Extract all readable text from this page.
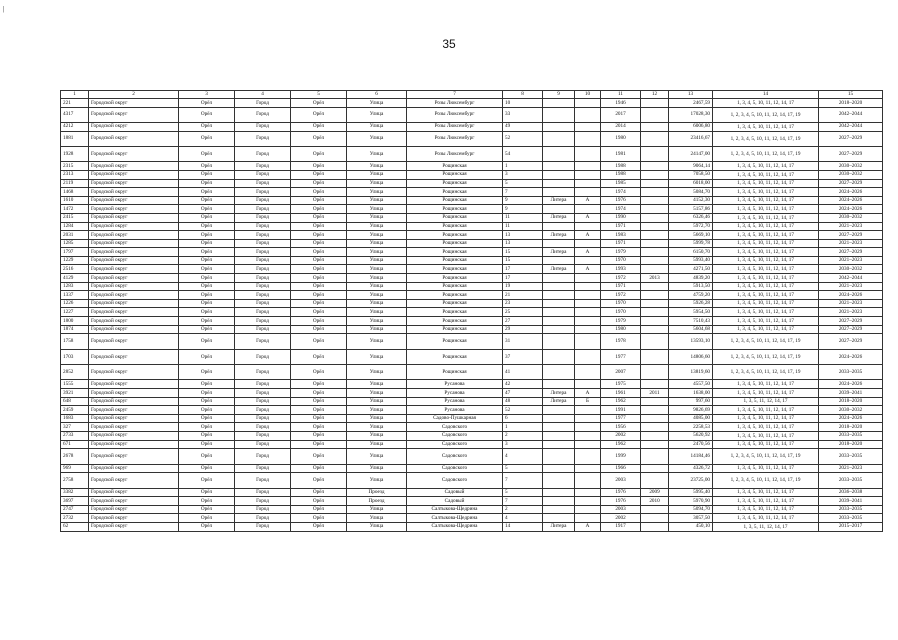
|
35
1	2	3	4	5	6	7	8	9	10	11	12	13	14	15
221	Городской округ	Орёл	Город	Орёл	Улица	Розы Люксембург	10			1946		2467,59	1, 3, 4, 5, 10, 11, 12, 14, 17	2018–2020
4317	Городской округ	Орёл	Город	Орёл	Улица	Розы Люксембург	33			2017		17028,30	1, 2, 3, 4, 5, 10, 11, 12, 14, 17, 19	2042–2044
4212	Городской округ	Орёл	Город	Орёл	Улица	Розы Люксембург	49			2014		6006,80	1, 3, 4, 5, 10, 11, 12, 14, 17	2042–2044
1881	Городской округ	Орёл	Город	Орёл	Улица	Розы Люксембург	52			1980		23416,67	1, 2, 3, 4, 5, 10, 11, 12, 14, 17, 19	2027–2029
1928	Городской округ	Орёл	Город	Орёл	Улица	Розы Люксембург	54			1981		24147,00	1, 2, 3, 4, 5, 10, 11, 12, 14, 17, 19	2027–2029
2315	Городской округ	Орёл	Город	Орёл	Улица	Рощинская	1			1988		9064,14	1, 3, 4, 5, 10, 11, 12, 14, 17	2030–2032
2313	Городской округ	Орёл	Город	Орёл	Улица	Рощинская	3			1988		7058,50	1, 3, 4, 5, 10, 11, 12, 14, 17	2030–2032
2119	Городской округ	Орёл	Город	Орёл	Улица	Рощинская	5			1985		6018,00	1, 3, 4, 5, 10, 11, 12, 14, 17	2027–2029
1468	Городской округ	Орёл	Город	Орёл	Улица	Рощинская	7			1974		5084,70	1, 3, 4, 5, 10, 11, 12, 14, 17	2024–2026
1610	Городской округ	Орёл	Город	Орёл	Улица	Рощинская	9	Литера	А	1976		4152,30	1, 3, 4, 5, 10, 11, 12, 14, 17	2024–2026
1472	Городской округ	Орёл	Город	Орёл	Улица	Рощинская	9			1974		5157,86	1, 3, 4, 5, 10, 11, 12, 14, 17	2024–2026
2415	Городской округ	Орёл	Город	Орёл	Улица	Рощинская	11	Литера	А	1990		6326,46	1, 3, 4, 5, 10, 11, 12, 14, 17	2030–2032
1284	Городской округ	Орёл	Город	Орёл	Улица	Рощинская	11			1971		5972,70	1, 3, 4, 5, 10, 11, 12, 14, 17	2021–2023
2031	Городской округ	Орёл	Город	Орёл	Улица	Рощинская	13	Литера	А	1983		5669,10	1, 3, 4, 5, 10, 11, 12, 14, 17	2027–2029
1285	Городской округ	Орёл	Город	Орёл	Улица	Рощинская	13			1971		5999,78	1, 3, 4, 5, 10, 11, 12, 14, 17	2021–2023
1797	Городской округ	Орёл	Город	Орёл	Улица	Рощинская	15	Литера	А	1979		6150,70	1, 3, 4, 5, 10, 11, 12, 14, 17	2027–2029
1229	Городской округ	Орёл	Город	Орёл	Улица	Рощинская	15			1970		5993,40	1, 3, 4, 5, 10, 11, 12, 14, 17	2021–2023
2516	Городской округ	Орёл	Город	Орёл	Улица	Рощинская	17	Литера	А	1993		4271,50	1, 3, 4, 5, 10, 11, 12, 14, 17	2030–2032
4129	Городской округ	Орёл	Город	Орёл	Улица	Рощинская	17			1972	2013	4839,20	1, 3, 4, 5, 10, 11, 12, 14, 17	2042–2044
1283	Городской округ	Орёл	Город	Орёл	Улица	Рощинская	19			1971		5913,50	1, 3, 4, 5, 10, 11, 12, 14, 17	2021–2023
1337	Городской округ	Орёл	Город	Орёл	Улица	Рощинская	21			1972		4759,20	1, 3, 4, 5, 10, 11, 12, 14, 17	2024–2026
1226	Городской округ	Орёл	Город	Орёл	Улица	Рощинская	23			1970		5926,28	1, 3, 4, 5, 10, 11, 12, 14, 17	2021–2023
1227	Городской округ	Орёл	Город	Орёл	Улица	Рощинская	25			1970		5954,50	1, 3, 4, 5, 10, 11, 12, 14, 17	2021–2023
1800	Городской округ	Орёл	Город	Орёл	Улица	Рощинская	27			1979		7510,43	1, 3, 4, 5, 10, 11, 12, 14, 17	2027–2029
1874	Городской округ	Орёл	Город	Орёл	Улица	Рощинская	29			1980		5604,68	1, 3, 4, 5, 10, 11, 12, 14, 17	2027–2029
1758	Городской округ	Орёл	Город	Орёл	Улица	Рощинская	31			1978		13593,10	1, 2, 3, 4, 5, 10, 11, 12, 14, 17, 19	2027–2029
1703	Городской округ	Орёл	Город	Орёл	Улица	Рощинская	37			1977		14806,60	1, 2, 3, 4, 5, 10, 11, 12, 14, 17, 19	2024–2026
2852	Городской округ	Орёл	Город	Орёл	Улица	Рощинская	41			2007		13819,60	1, 2, 3, 4, 5, 10, 11, 12, 14, 17, 19	2033–2035
1555	Городской округ	Орёл	Город	Орёл	Улица	Русанова	42			1975		4557,50	1, 3, 4, 5, 10, 11, 12, 14, 17	2024–2026
3921	Городской округ	Орёл	Город	Орёл	Улица	Русанова	47	Литера	А	1961	2011	1638,00	1, 3, 4, 5, 10, 11, 12, 14, 17	2039–2041
648	Городской округ	Орёл	Город	Орёл	Улица	Русанова	48	Литера	Б	1962		997,60	1, 3, 5, 11, 12, 14, 17	2018–2020
2459	Городской округ	Орёл	Город	Орёл	Улица	Русанова	52			1991		9826,69	1, 3, 4, 5, 10, 11, 12, 14, 17	2030–2032
1683	Городской округ	Орёл	Город	Орёл	Улица	Садово-Пушкарная	6			1977		4085,00	1, 3, 4, 5, 10, 11, 12, 14, 17	2024–2026
327	Городской округ	Орёл	Город	Орёл	Улица	Садовского	1			1956		2258,53	1, 3, 4, 5, 10, 11, 12, 14, 17	2018–2020
2733	Городской округ	Орёл	Город	Орёл	Улица	Садовского	2			2002		5620,92	1, 3, 4, 5, 10, 11, 12, 14, 17	2033–2035
671	Городской округ	Орёл	Город	Орёл	Улица	Садовского	3			1962		2470,56	1, 3, 4, 5, 10, 11, 12, 14, 17	2018–2020
2678	Городской округ	Орёл	Город	Орёл	Улица	Садовского	4			1999		14184,46	1, 2, 3, 4, 5, 10, 11, 12, 14, 17, 19	2033–2035
969	Городской округ	Орёл	Город	Орёл	Улица	Садовского	5			1966		4326,72	1, 3, 4, 5, 10, 11, 12, 14, 17	2021–2023
2758	Городской округ	Орёл	Город	Орёл	Улица	Садовского	7			2003		23725,00	1, 2, 3, 4, 5, 10, 11, 12, 14, 17, 19	2033–2035
3382	Городской округ	Орёл	Город	Орёл	Проезд	Садовый	5			1976	2009	5995,40	1, 3, 4, 5, 10, 11, 12, 14, 17	2036–2038
3697	Городской округ	Орёл	Город	Орёл	Проезд	Садовый	7			1976	2010	5970,90	1, 3, 4, 5, 10, 11, 12, 14, 17	2039–2041
2747	Городской округ	Орёл	Город	Орёл	Улица	Салтыкова-Щедрина	2			2003		5094,70	1, 3, 4, 5, 10, 11, 12, 14, 17	2033–2035
2732	Городской округ	Орёл	Город	Орёл	Улица	Салтыкова-Щедрина	4			2002		3057,50	1, 3, 4, 5, 10, 11, 12, 14, 17	2033–2035
62	Городской округ	Орёл	Город	Орёл	Улица	Салтыкова-Щедрина	14	Литера	А	1917		450,10	1, 3, 5, 11, 12, 14, 17	2015–2017
